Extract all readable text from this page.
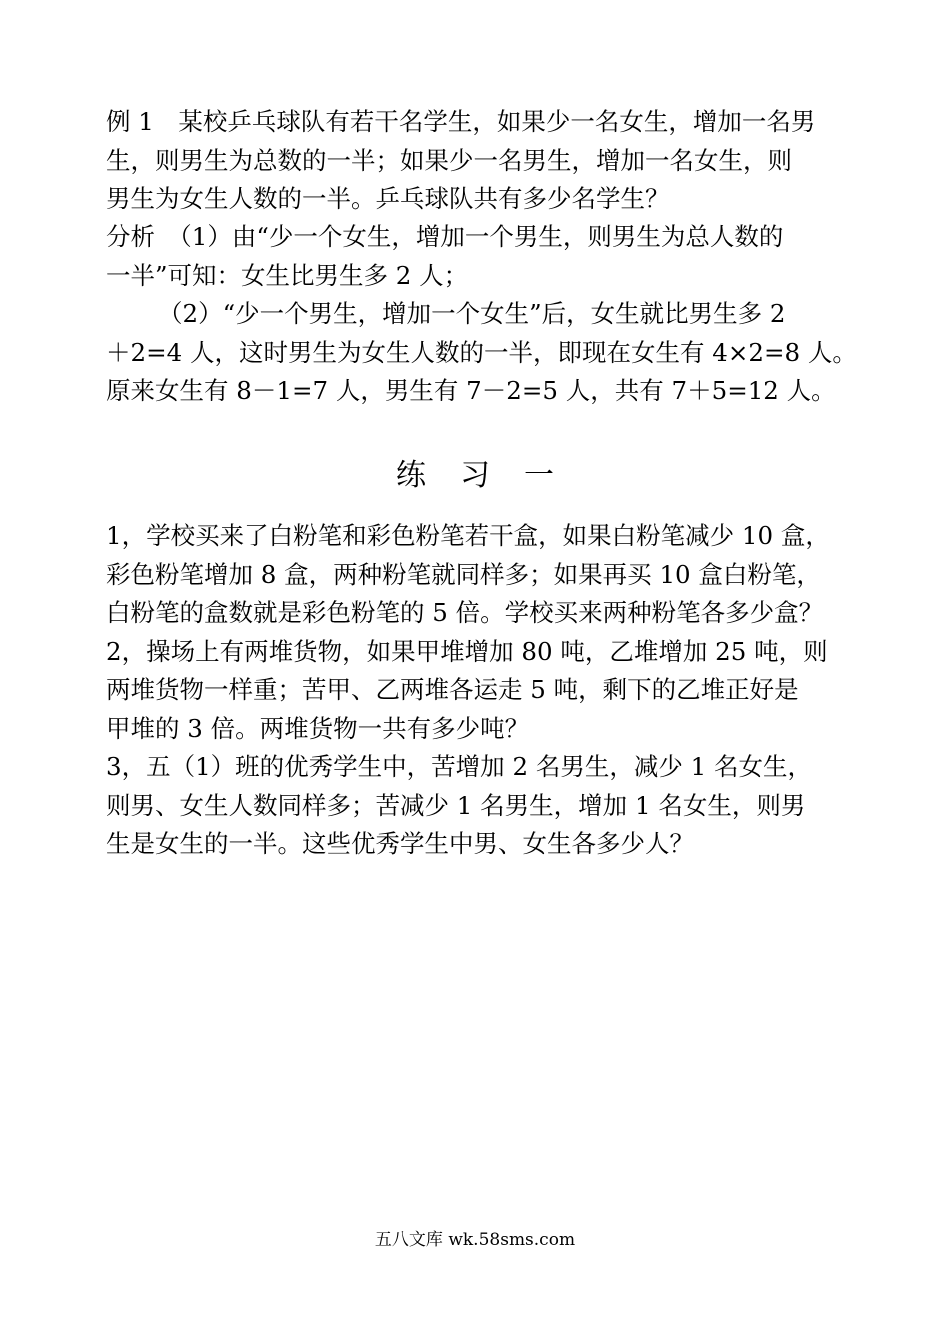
例 1　某校乒乓球队有若干名学生，如果少一名女生，增加一名男
生，则男生为总数的一半；如果少一名男生，增加一名女生，则
男生为女生人数的一半。乒乓球队共有多少名学生？
分析　（1）由“少一个女生，增加一个男生，则男生为总人数的
一半”可知：女生比男生多 2 人；
（2）“少一个男生，增加一个女生”后，女生就比男生多 2
＋2=4 人，这时男生为女生人数的一半，即现在女生有 4×2=8 人。
原来女生有 8－1=7 人，男生有 7－2=5 人，共有 7＋5=12 人。
练习一
1，学校买来了白粉笔和彩色粉笔若干盒，如果白粉笔减少 10 盒，
彩色粉笔增加 8 盒，两种粉笔就同样多；如果再买 10 盒白粉笔，
白粉笔的盒数就是彩色粉笔的 5 倍。学校买来两种粉笔各多少盒？
2，操场上有两堆货物，如果甲堆增加 80 吨，乙堆增加 25 吨，则
两堆货物一样重；苦甲、乙两堆各运走 5 吨，剩下的乙堆正好是
甲堆的 3 倍。两堆货物一共有多少吨？
3，五（1）班的优秀学生中，苦增加 2 名男生，减少 1 名女生，
则男、女生人数同样多；苦减少 1 名男生，增加 1 名女生，则男
生是女生的一半。这些优秀学生中男、女生各多少人？
五八文库 wk.58sms.com
